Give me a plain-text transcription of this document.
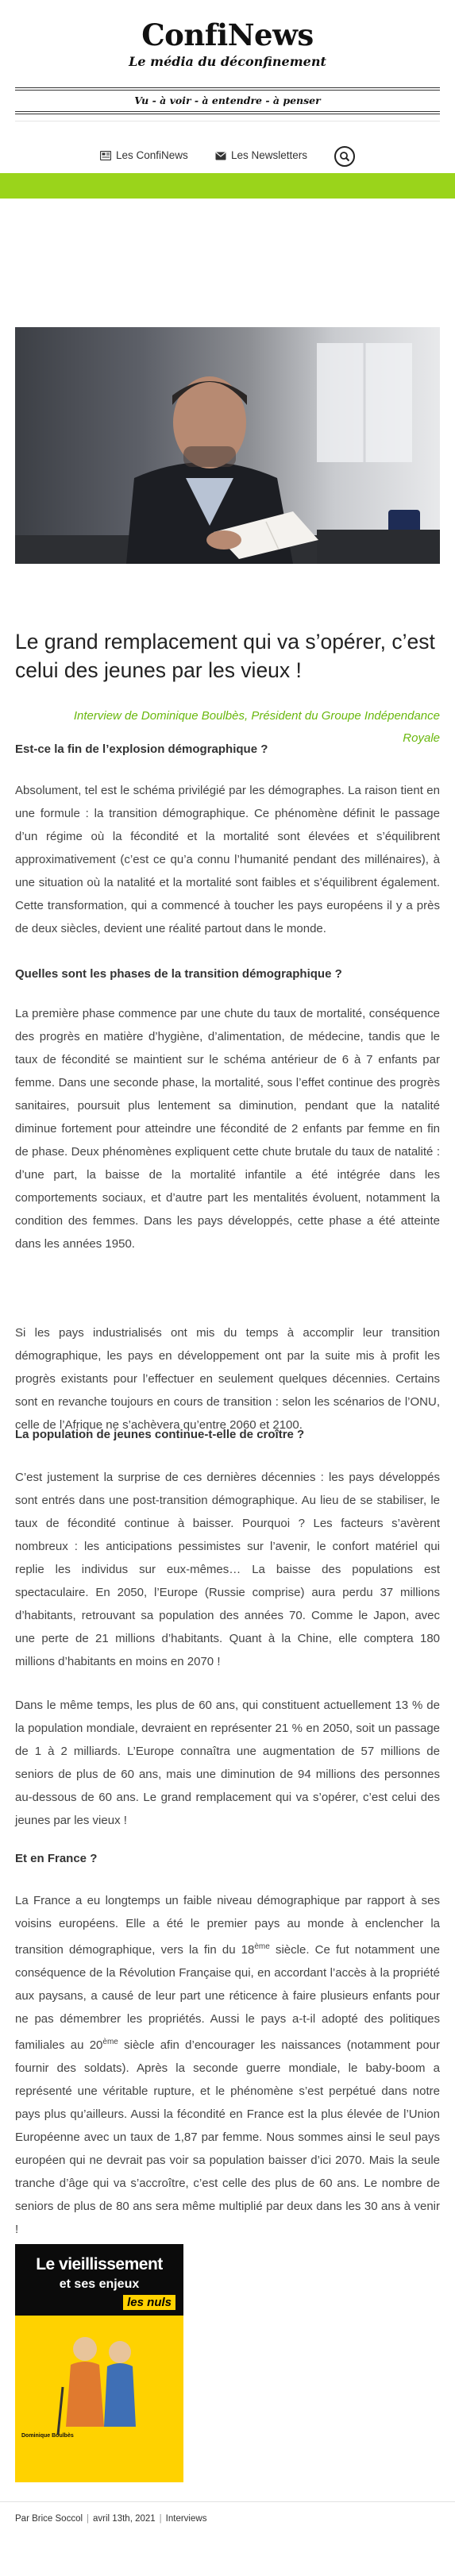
ConfiNews
Le média du déconfinement
Vu - à voir - à entendre - à penser
Les ConfiNews	Les Newsletters
Le grand remplacement qui va s’opérer, c’est celui des jeunes par les vieux !
Interview de Dominique Boulbès, Président du Groupe Indépendance Royale
Est-ce la fin de l’explosion démographique ?

Absolument, tel est le schéma privilégié par les démographes. La raison tient en une formule : la transition démographique. Ce phénomène définit le passage d’un régime où la fécondité et la mortalité sont élevées et s’équilibrent approximativement (c’est ce qu’a connu l’humanité pendant des millénaires), à une situation où la natalité et la mortalité sont faibles et s’équilibrent également. Cette transformation, qui a commencé à toucher les pays européens il y a près de deux siècles, devient une réalité partout dans le monde.

Quelles sont les phases de la transition démographique ?

La première phase commence par une chute du taux de mortalité, conséquence des progrès en matière d’hygiène, d’alimentation, de médecine, tandis que le taux de fécondité se maintient sur le schéma antérieur de 6 à 7 enfants par femme. Dans une seconde phase, la mortalité, sous l’effet continue des progrès sanitaires, poursuit plus lentement sa diminution, pendant que la natalité diminue fortement pour atteindre une fécondité de 2 enfants par femme en fin de phase. Deux phénomènes expliquent cette chute brutale du taux de natalité : d’une part, la baisse de la mortalité infantile a été intégrée dans les comportements sociaux, et d’autre part les mentalités évoluent, notamment la condition des femmes. Dans les pays développés, cette phase a été atteinte dans les années 1950.

Si les pays industrialisés ont mis du temps à accomplir leur transition démographique, les pays en développement ont par la suite mis à profit les progrès existants pour l’effectuer en seulement quelques décennies. Certains sont en revanche toujours en cours de transition : selon les scénarios de l’ONU, celle de l’Afrique ne s’achèvera qu’entre 2060 et 2100.

La population de jeunes continue-t-elle de croître ?

C’est justement la surprise de ces dernières décennies : les pays développés sont entrés dans une post-transition démographique. Au lieu de se stabiliser, le taux de fécondité continue à baisser. Pourquoi ? Les facteurs s’avèrent nombreux : les anticipations pessimistes sur l’avenir, le confort matériel qui replie les individus sur eux-mêmes… La baisse des populations est spectaculaire. En 2050, l’Europe (Russie comprise) aura perdu 37 millions d’habitants, retrouvant sa population des années 70. Comme le Japon, avec une perte de 21 millions d’habitants. Quant à la Chine, elle comptera 180 millions d’habitants en moins en 2070 !

Dans le même temps, les plus de 60 ans, qui constituent actuellement 13 % de la population mondiale, devraient en représenter 21 % en 2050, soit un passage de 1 à 2 milliards. L’Europe connaîtra une augmentation de 57 millions de seniors de plus de 60 ans, mais une diminution de 94 millions des personnes au-dessous de 60 ans. Le grand remplacement qui va s’opérer, c’est celui des jeunes par les vieux !

Et en France ?

La France a eu longtemps un faible niveau démographique par rapport à ses voisins européens. Elle a été le premier pays au monde à enclencher la transition démographique, vers la fin du 18ème siècle. Ce fut notamment une conséquence de la Révolution Française qui, en accordant l’accès à la propriété aux paysans, a causé de leur part une réticence à faire plusieurs enfants pour ne pas démembrer les propriétés. Aussi le pays a-t-il adopté des politiques familiales au 20ème siècle afin d’encourager les naissances (notamment pour fournir des soldats). Après la seconde guerre mondiale, le baby-boom a représenté une véritable rupture, et le phénomène s’est perpétué dans notre pays plus qu’ailleurs. Aussi la fécondité en France est la plus élevée de l’Union Européenne avec un taux de 1,87 par femme. Nous sommes ainsi le seul pays européen qui ne devrait pas voir sa population baisser d’ici 2070. Mais la seule tranche d’âge qui va s’accroître, c’est celle des plus de 60 ans. Le nombre de seniors de plus de 80 ans sera même multiplié par deux dans les 30 ans à venir !

Le vieillissement
et ses enjeux
les nuls
Dominique Boulbès
Par Brice Soccol | avril 13th, 2021 | Interviews
